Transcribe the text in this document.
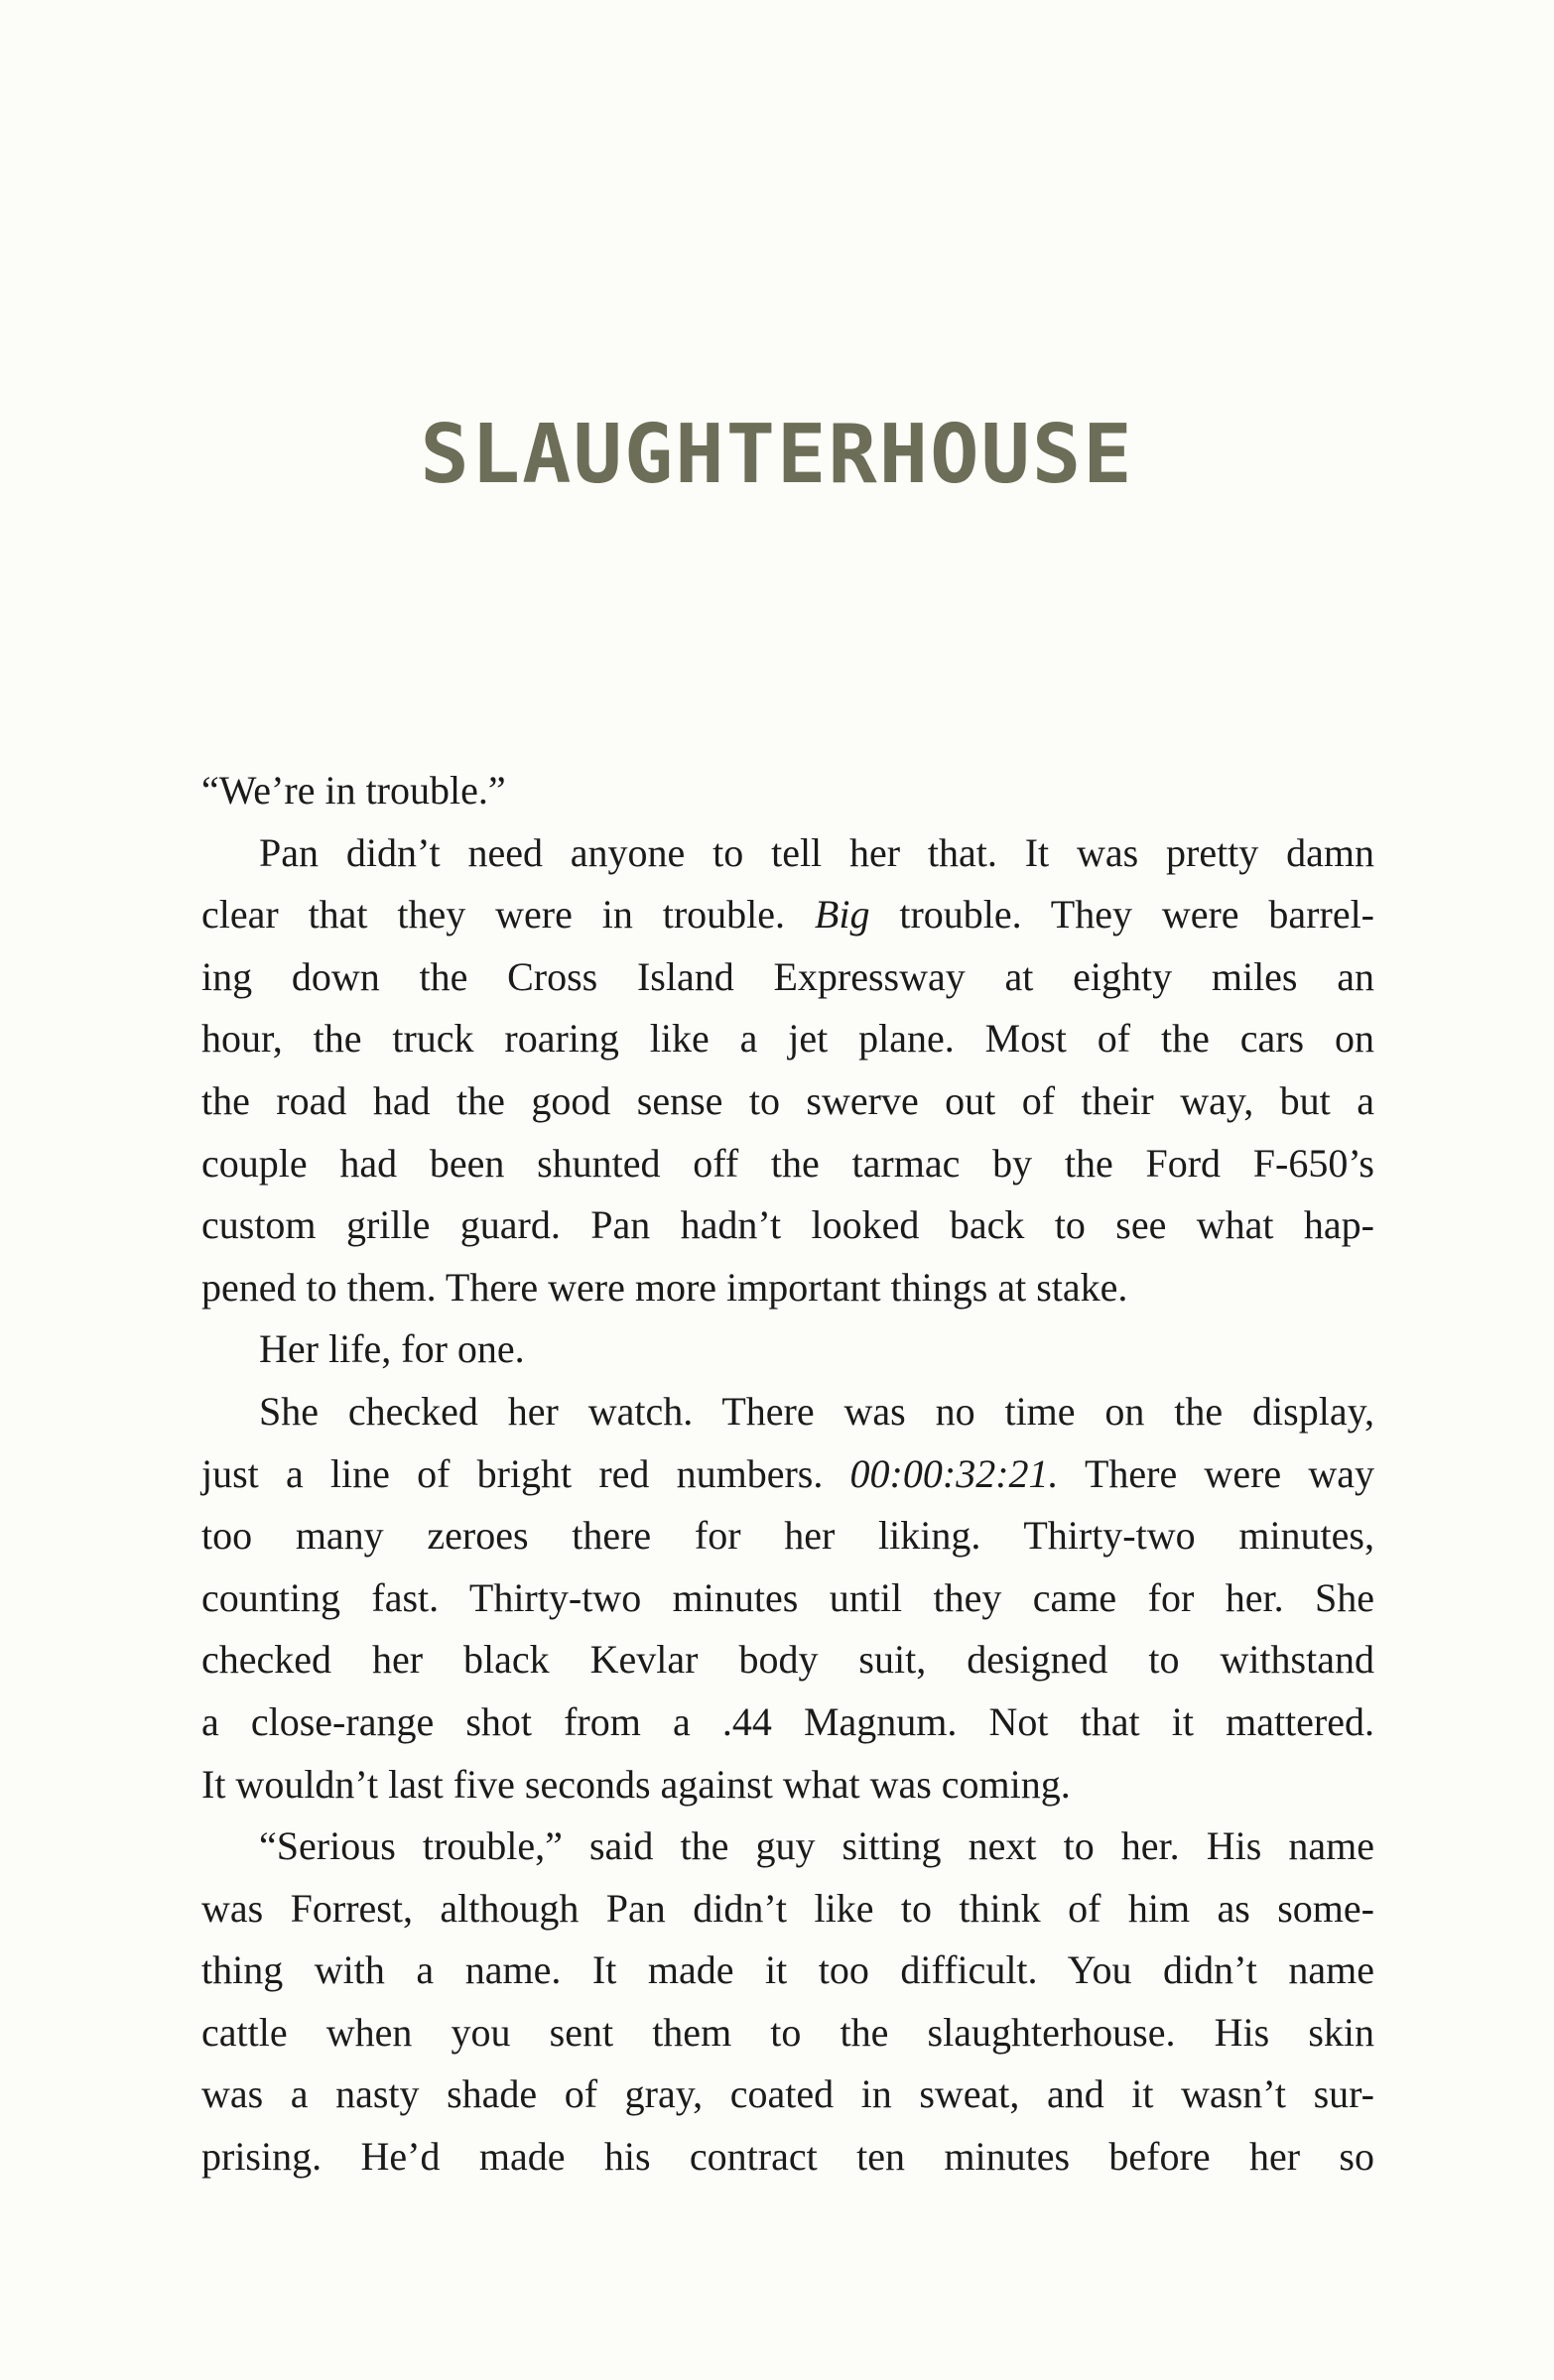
SLAUGHTERHOUSE
“We’re in trouble.”
Pan didn’t need anyone to tell her that. It was pretty damn
clear that they were in trouble. Big trouble. They were barrel-
ing down the Cross Island Expressway at eighty miles an
hour, the truck roaring like a jet plane. Most of the cars on
the road had the good sense to swerve out of their way, but a
couple had been shunted off the tarmac by the Ford F-650’s
custom grille guard. Pan hadn’t looked back to see what hap-
pened to them. There were more important things at stake.
Her life, for one.
She checked her watch. There was no time on the display,
just a line of bright red numbers. 00:00:32:21. There were way
too many zeroes there for her liking. Thirty-two minutes,
counting fast. Thirty-two minutes until they came for her. She
checked her black Kevlar body suit, designed to withstand
a close-range shot from a .44 Magnum. Not that it mattered.
It wouldn’t last five seconds against what was coming.
“Serious trouble,” said the guy sitting next to her. His name
was Forrest, although Pan didn’t like to think of him as some-
thing with a name. It made it too difficult. You didn’t name
cattle when you sent them to the slaughterhouse. His skin
was a nasty shade of gray, coated in sweat, and it wasn’t sur-
prising. He’d made his contract ten minutes before her so
